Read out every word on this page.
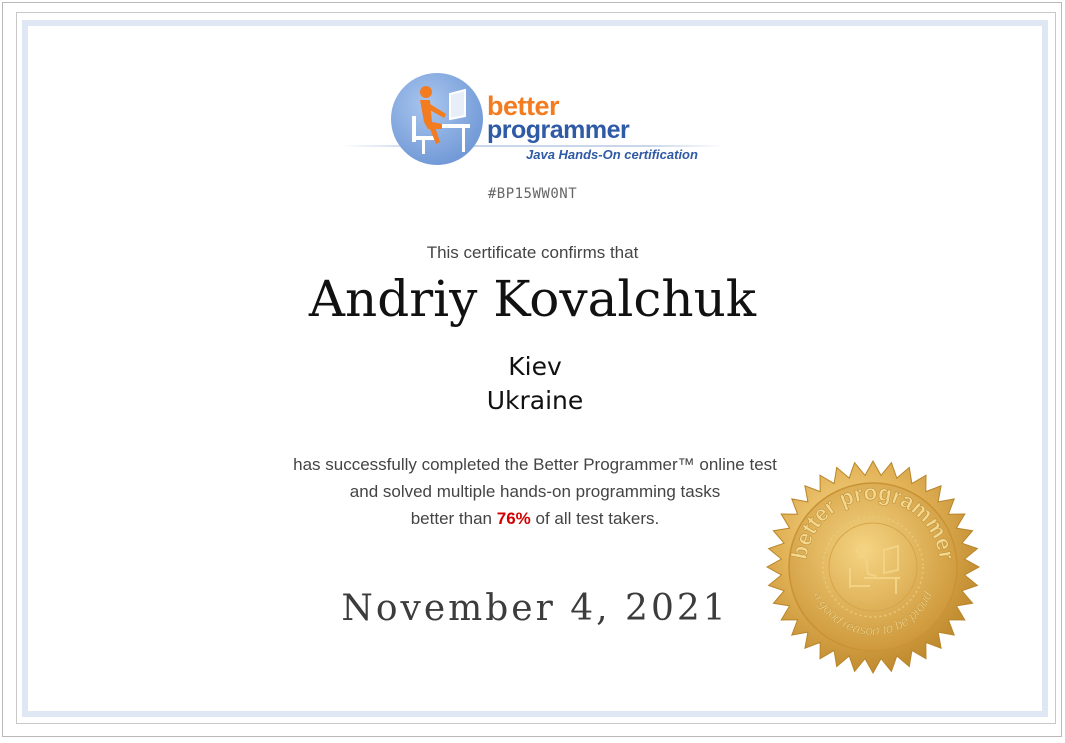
better
programmer
Java Hands-On certification
#BP15WW0NT
This certificate confirms that
Andriy Kovalchuk
Kiev
Ukraine
has successfully completed the Better Programmer™ online test
and solved multiple hands-on programming tasks
better than 76% of all test takers.
November 4, 2021
better programmer
a good reason to be proud
